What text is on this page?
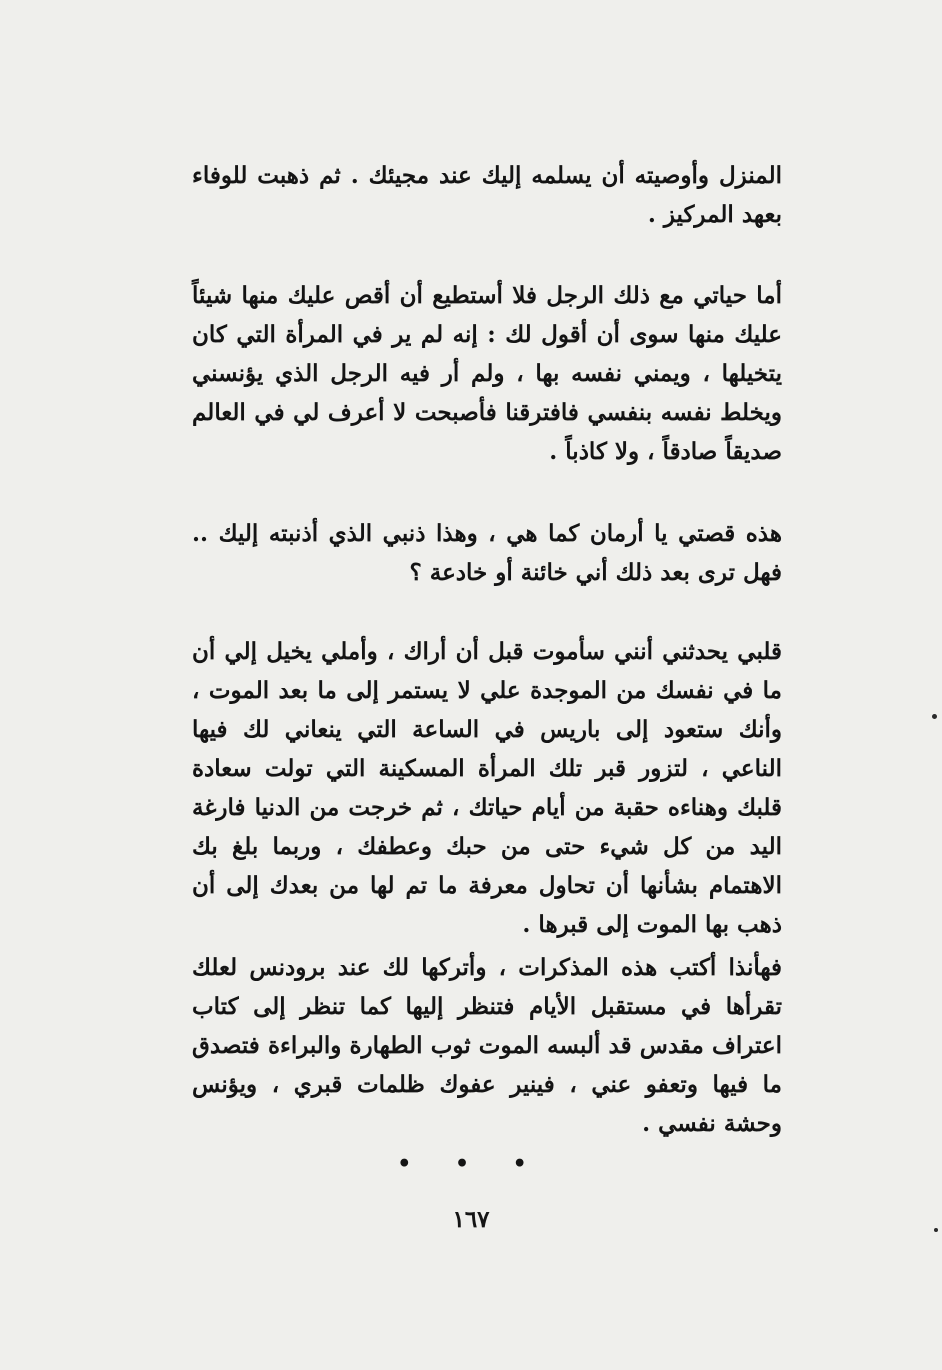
المنزل وأوصيته أن يسلمه إليك عند مجيئك . ثم ذهبت للوفاء بعهد المركيز .

أما حياتي مع ذلك الرجل فلا أستطيع أن أقص عليك منها شيئاً عليك منها سوى أن أقول لك : إنه لم ير في المرأة التي كان يتخيلها ، ويمني نفسه بها ، ولم أر فيه الرجل الذي يؤنسني ويخلط نفسه بنفسي فافترقنا فأصبحت لا أعرف لي في العالم صديقاً صادقاً ، ولا كاذباً .

هذه قصتي يا أرمان كما هي ، وهذا ذنبي الذي أذنبته إليك .. فهل ترى بعد ذلك أني خائنة أو خادعة ؟

قلبي يحدثني أنني سأموت قبل أن أراك ، وأملي يخيل إلي أن ما في نفسك من الموجدة علي لا يستمر إلى ما بعد الموت ، وأنك ستعود إلى باريس في الساعة التي ينعاني لك فيها الناعي ، لتزور قبر تلك المرأة المسكينة التي تولت سعادة قلبك وهناءه حقبة من أيام حياتك ، ثم خرجت من الدنيا فارغة اليد من كل شيء حتى من حبك وعطفك ، وربما بلغ بك الاهتمام بشأنها أن تحاول معرفة ما تم لها من بعدك إلى أن ذهب بها الموت إلى قبرها .

فهأنذا أكتب هذه المذكرات ، وأتركها لك عند برودنس لعلك تقرأها في مستقبل الأيام فتنظر إليها كما تنظر إلى كتاب اعتراف مقدس قد ألبسه الموت ثوب الطهارة والبراءة فتصدق ما فيها وتعفو عني ، فينير عفوك ظلمات قبري ، ويؤنس وحشة نفسي .

• • •
١٦٧
